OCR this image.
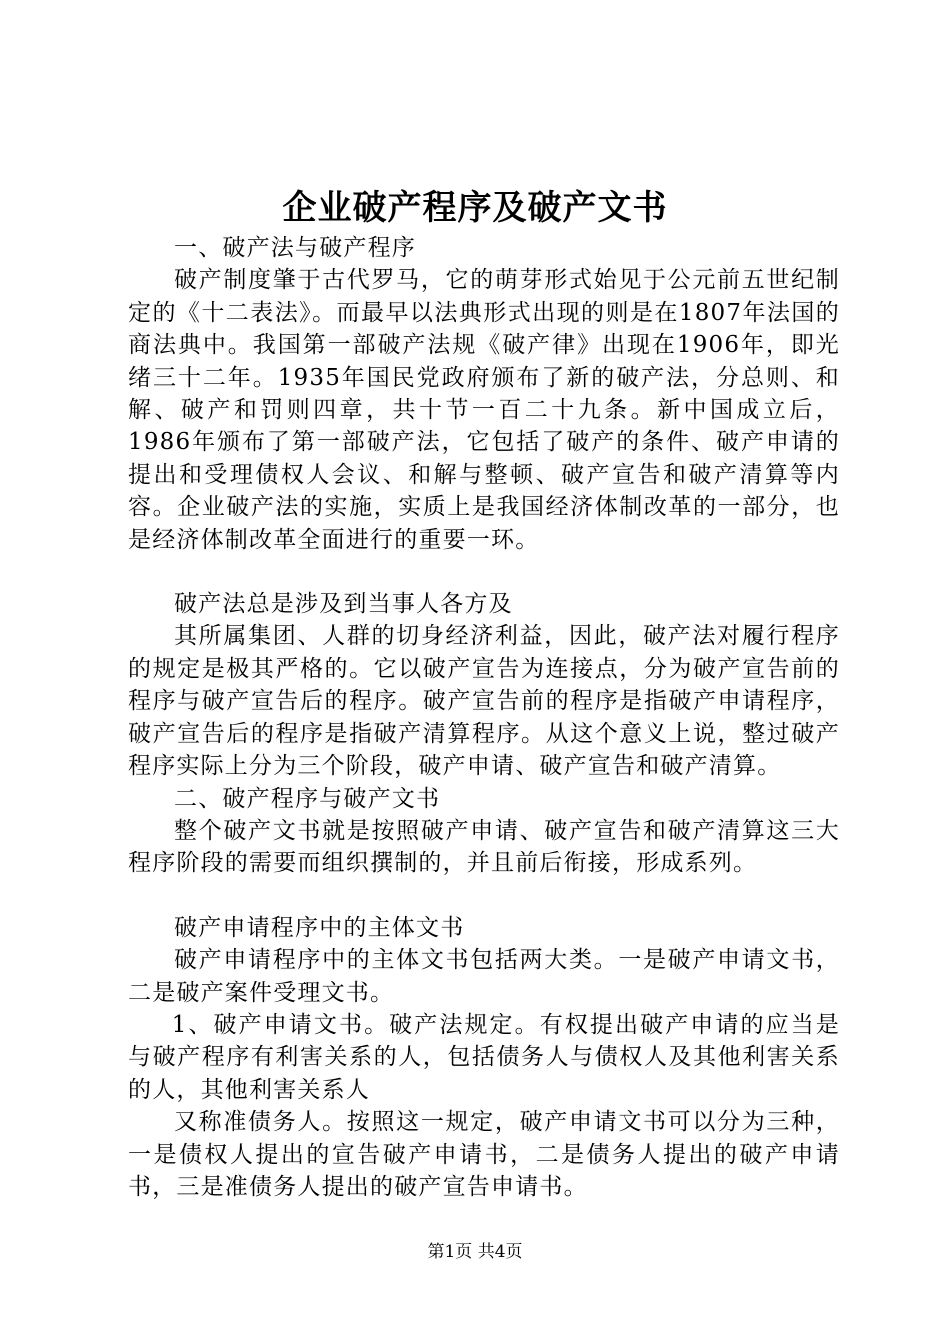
企业破产程序及破产文书

一、破产法与破产程序

破产制度肇于古代罗马，它的萌芽形式始见于公元前五世纪制定的《十二表法》。而最早以法典形式出现的则是在1807年法国的商法典中。我国第一部破产法规《破产律》出现在1906年，即光绪三十二年。1935年国民党政府颁布了新的破产法，分总则、和解、破产和罚则四章，共十节一百二十九条。新中国成立后，1986年颁布了第一部破产法，它包括了破产的条件、破产申请的提出和受理债权人会议、和解与整顿、破产宣告和破产清算等内容。企业破产法的实施，实质上是我国经济体制改革的一部分，也是经济体制改革全面进行的重要一环。

破产法总是涉及到当事人各方及

其所属集团、人群的切身经济利益，因此，破产法对履行程序的规定是极其严格的。它以破产宣告为连接点，分为破产宣告前的程序与破产宣告后的程序。破产宣告前的程序是指破产申请程序，破产宣告后的程序是指破产清算程序。从这个意义上说，整过破产程序实际上分为三个阶段，破产申请、破产宣告和破产清算。

二、破产程序与破产文书

整个破产文书就是按照破产申请、破产宣告和破产清算这三大程序阶段的需要而组织撰制的，并且前后衔接，形成系列。

破产申请程序中的主体文书

破产申请程序中的主体文书包括两大类。一是破产申请文书，二是破产案件受理文书。

1、破产申请文书。破产法规定。有权提出破产申请的应当是与破产程序有利害关系的人，包括债务人与债权人及其他利害关系的人，其他利害关系人

又称准债务人。按照这一规定，破产申请文书可以分为三种，一是债权人提出的宣告破产申请书，二是债务人提出的破产申请书，三是准债务人提出的破产宣告申请书。

第1页 共4页
